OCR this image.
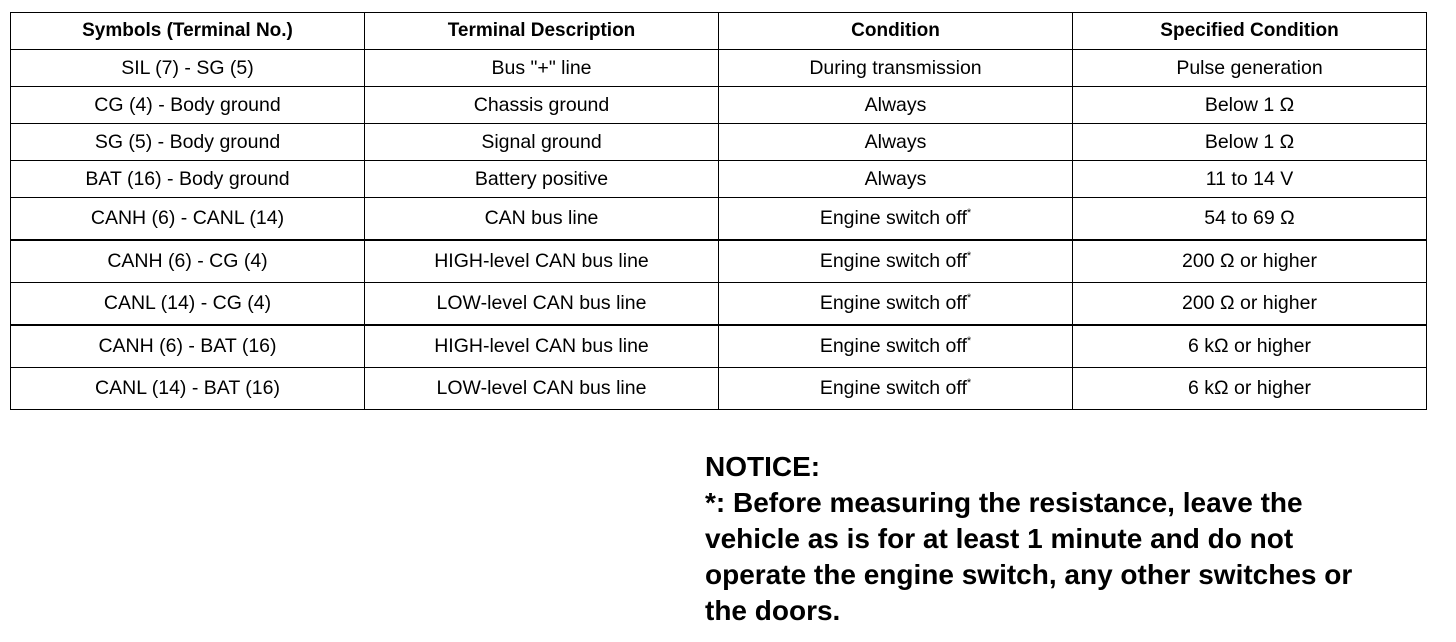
Symbols (Terminal No.)	Terminal Description	Condition	Specified Condition
SIL (7) - SG (5)	Bus "+" line	During transmission	Pulse generation
CG (4) - Body ground	Chassis ground	Always	Below 1 Ω
SG (5) - Body ground	Signal ground	Always	Below 1 Ω
BAT (16) - Body ground	Battery positive	Always	11 to 14 V
CANH (6) - CANL (14)	CAN bus line	Engine switch off*	54 to 69 Ω
CANH (6) - CG (4)	HIGH-level CAN bus line	Engine switch off*	200 Ω or higher
CANL (14) - CG (4)	LOW-level CAN bus line	Engine switch off*	200 Ω or higher
CANH (6) - BAT (16)	HIGH-level CAN bus line	Engine switch off*	6 kΩ or higher
CANL (14) - BAT (16)	LOW-level CAN bus line	Engine switch off*	6 kΩ or higher
NOTICE:
*: Before measuring the resistance, leave the
vehicle as is for at least 1 minute and do not
operate the engine switch, any other switches or
the doors.
